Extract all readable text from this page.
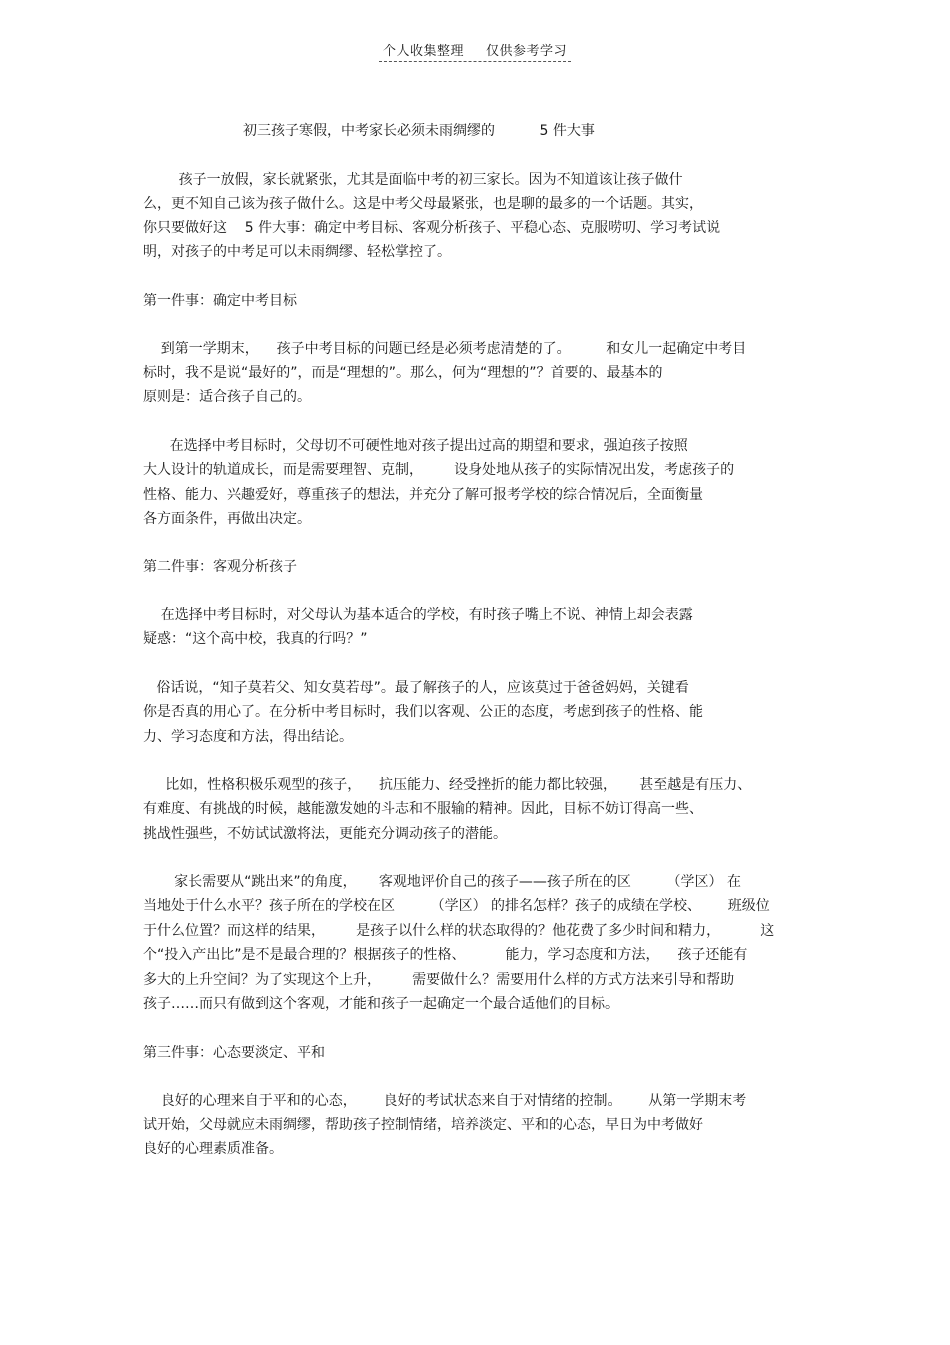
个人收集整理 仅供参考学习
初三孩子寒假，中考家长必须未雨绸缪的          5 件大事
孩子一放假，家长就紧张，尤其是面临中考的初三家长。因为不知道该让孩子做什
么，更不知自己该为孩子做什么。这是中考父母最紧张，也是聊的最多的一个话题。其实，
你只要做好这    5 件大事：确定中考目标、客观分析孩子、平稳心态、克服唠叨、学习考试说
明，对孩子的中考足可以未雨绸缪、轻松掌控了。
第一件事：确定中考目标
到第一学期末，    孩子中考目标的问题已经是必须考虑清楚的了。        和女儿一起确定中考目
标时，我不是说“最好的”，而是“理想的”。那么，何为“理想的”？首要的、最基本的
原则是：适合孩子自己的。
在选择中考目标时，父母切不可硬性地对孩子提出过高的期望和要求，强迫孩子按照
大人设计的轨道成长，而是需要理智、克制，       设身处地从孩子的实际情况出发，考虑孩子的
性格、能力、兴趣爱好，尊重孩子的想法，并充分了解可报考学校的综合情况后，全面衡量
各方面条件，再做出决定。
第二件事：客观分析孩子
在选择中考目标时，对父母认为基本适合的学校，有时孩子嘴上不说、神情上却会表露
疑惑：“这个高中校，我真的行吗？”
俗话说，“知子莫若父、知女莫若母”。最了解孩子的人，应该莫过于爸爸妈妈，关键看
你是否真的用心了。在分析中考目标时，我们以客观、公正的态度，考虑到孩子的性格、能
力、学习态度和方法，得出结论。
比如，性格积极乐观型的孩子，    抗压能力、经受挫折的能力都比较强，     甚至越是有压力、
有难度、有挑战的时候，越能激发她的斗志和不服输的精神。因此，目标不妨订得高一些、
挑战性强些，不妨试试激将法，更能充分调动孩子的潜能。
家长需要从“跳出来”的角度，     客观地评价自己的孩子——孩子所在的区        （学区） 在
当地处于什么水平？孩子所在的学校在区        （学区） 的排名怎样？孩子的成绩在学校、      班级位
于什么位置？而这样的结果，       是孩子以什么样的状态取得的？他花费了多少时间和精力，         这
个“投入产出比”是不是最合理的？根据孩子的性格、         能力，学习态度和方法，    孩子还能有
多大的上升空间？为了实现这个上升，       需要做什么？需要用什么样的方式方法来引导和帮助
孩子……而只有做到这个客观，才能和孩子一起确定一个最合适他们的目标。
第三件事：心态要淡定、平和
良好的心理来自于平和的心态，      良好的考试状态来自于对情绪的控制。      从第一学期末考
试开始，父母就应未雨绸缪，帮助孩子控制情绪，培养淡定、平和的心态，早日为中考做好
良好的心理素质准备。
